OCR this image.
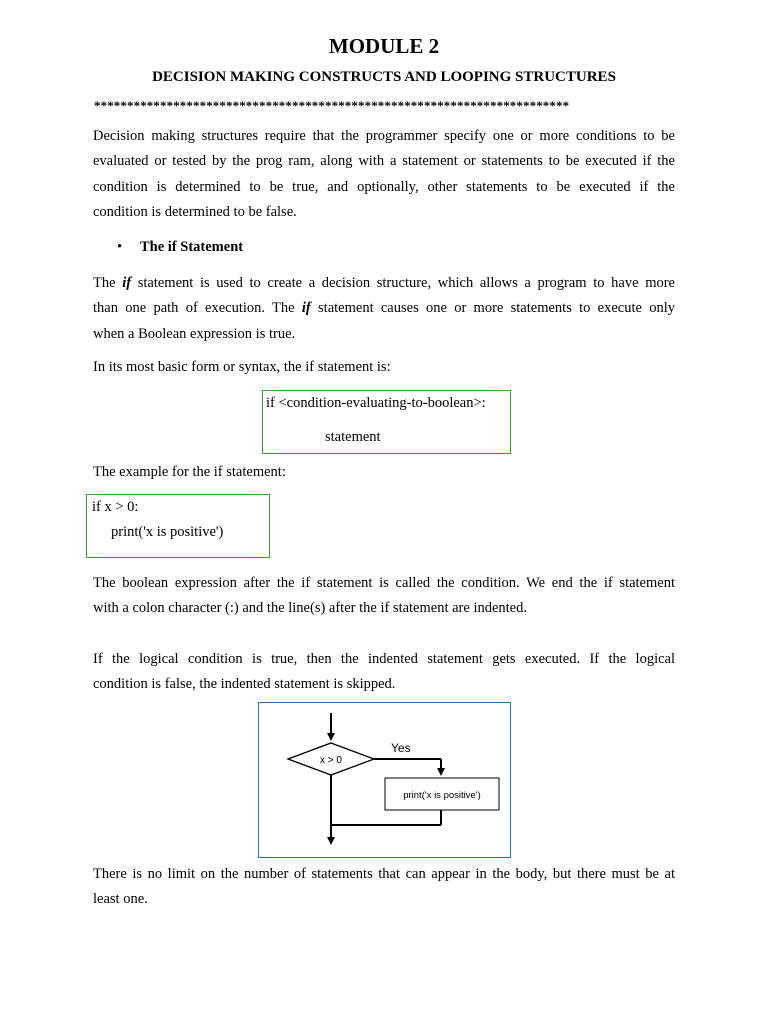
MODULE 2
DECISION MAKING CONSTRUCTS AND LOOPING STRUCTURES
************************************************************************
Decision making structures require that the programmer specify one or more conditions to be
evaluated or tested by the prog ram, along with a statement or statements to be executed if the
condition is determined to be true, and optionally, other statements to be executed if the
condition is determined to be false.
• The if Statement
The if statement is used to create a decision structure, which allows a program to have more
than one path of execution. The if statement causes one or more statements to execute only
when a Boolean expression is true.
In its most basic form or syntax, the if statement is:
if <condition-evaluating-to-boolean>:
statement
The example for the if statement:
if x > 0:
print('x is positive')
The boolean expression after the if statement is called the condition. We end the if statement
with a colon character (:) and the line(s) after the if statement are indented.
If the logical condition is true, then the indented statement gets executed. If the logical
condition is false, the indented statement is skipped.
x > 0
Yes
print('x is positive')
There is no limit on the number of statements that can appear in the body, but there must be at
least one.
